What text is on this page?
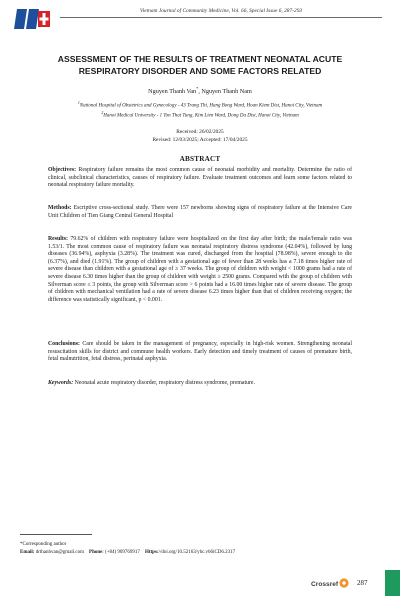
Vietnam Journal of Community Medicine, Vol. 66, Special Issue 6, 287-293
ASSESSMENT OF THE RESULTS OF TREATMENT NEONATAL ACUTE
RESPIRATORY DISORDER AND SOME FACTORS RELATED
Nguyen Thanh Van*, Nguyen Thanh Nam
$^1$National Hospital of Obstetrics and Gynecology - 43 Trang Thi, Hang Bong Ward, Hoan Kiem Dist, Hanoi City, Vietnam
$^2$Hanoi Medical University - 1 Ton That Tung, Kim Lien Ward, Dong Da Dist, Hanoi City, Vietnam
Received: 26/02/2025
Revised: 12/03/2025; Accepted: 17/04/2025
ABSTRACT
Objectives: Respiratory failure remains the most common cause of neonatal morbidity and mortality. Determine the ratio of clinical, subclinical characteristics, causes of respiratory failure. Evaluate treatment outcomes and learn some factors related to neonatal respiratory failure mortality.
Methods: Escriptive cross-sectional study. There were 157 newborns showing signs of respiratory failure at the Intensive Care Unit Children of Tien Giang Central General Hospital
Results: 79.62% of children with respiratory failure were hospitalized on the first day after birth; the male/female ratio was 1.53/1. The most common cause of respiratory failure was neonatal respiratory distress syndrome (42.04%), followed by lung diseases (36.94%), asphyxia (3.28%). The treatment was cured, discharged from the hospital (78.98%), severe enough to die (6.37%), and died (1.91%). The group of children with a gestational age of fewer than 28 weeks has a 7.18 times higher rate of severe disease than children with a gestational age of ≥ 37 weeks. The group of children with weight < 1000 grams had a rate of severe disease 6.30 times higher than the group of children with weight ≥ 2500 grams. Compared with the group of children with Silverman score ≤ 3 points, the group with Silverman score > 6 points had a 16.00 times higher rate of severe disease. The group of children with mechanical ventilation had a rate of severe disease 6.23 times higher than that of children receiving oxygen; the difference was statistically significant, p < 0.001.
Conclusions: Care should be taken in the management of pregnancy, especially in high-risk women. Strengthening neonatal resuscitation skills for district and commune health workers. Early detection and timely treatment of causes of premature birth, fetal malnutrition, fetal distress, perinatal asphyxia.
Keywords: Neonatal acute respiratory disorder, respiratory distress syndrome, premature.
*Corresponding author
Email: drthanhvan@gmail.com Phone: (+84) 909769917 Https://doi.org/10.52163/yhc.v66iCD6.2317
Crossref	287
